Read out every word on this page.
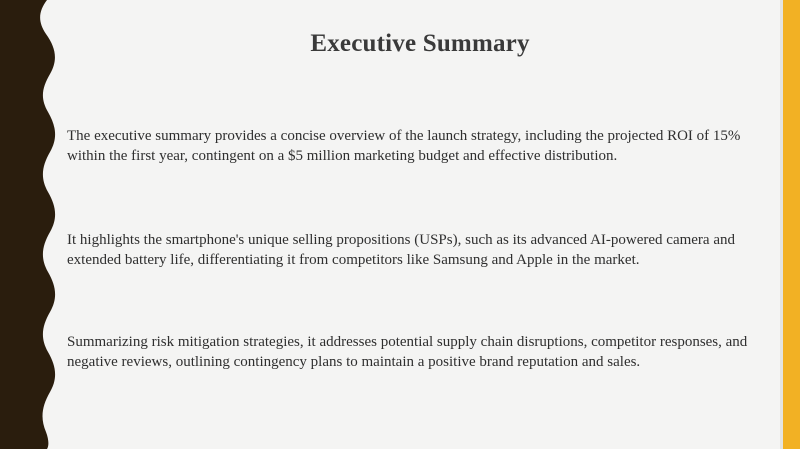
Executive Summary
The executive summary provides a concise overview of the launch strategy, including the projected ROI of 15% within the first year, contingent on a $5 million marketing budget and effective distribution.
It highlights the smartphone's unique selling propositions (USPs), such as its advanced AI-powered camera and extended battery life, differentiating it from competitors like Samsung and Apple in the market.
Summarizing risk mitigation strategies, it addresses potential supply chain disruptions, competitor responses, and negative reviews, outlining contingency plans to maintain a positive brand reputation and sales.
